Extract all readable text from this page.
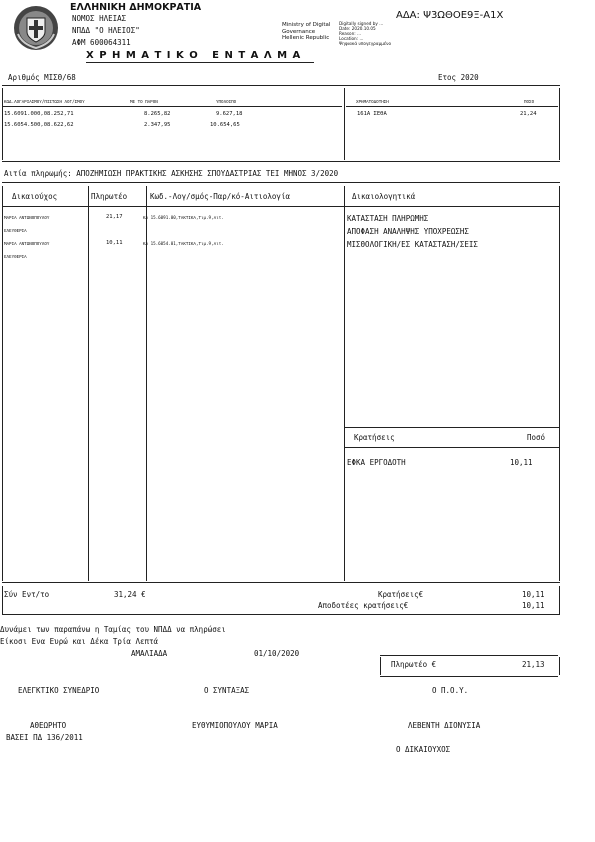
ΕΛΛΗΝΙΚΗ ΔΗΜΟΚΡΑΤΙΑ
ΝΟΜΟΣ ΗΛΕΙΑΣ
ΝΠΔΔ "Ο ΗΛΕΙΟΣ"
ΑΦΜ 600064311
Χ Ρ Η Μ Α Τ Ι Κ Ο   Ε Ν Τ Α Λ Μ Α
Ministry of Digital
Governance
Hellenic Republic
Digitally signed by ...
Date: 2020.10.05
Reason: ...
Location: ...
Ψηφιακά υπογεγραμμένο
ΑΔΑ: Ψ3ΩΘΟΕ9Ξ-Α1Χ
Αριθμός ΜΙΣΘ/68	Ετος 2020
ΚΩΔ.ΛΟΓΑΡΙΑΣΜΟΥ/ΠΙΣΤΩΣΗ ΛΟΓ/ΣΜΟΥ	ΜΕ ΤΟ ΠΑΡΟΝ	ΥΠΟΛΟΙΠΟ	ΧΡΗΜΑΤΟΔΟΤΗΣΗ	ΠΟΣΟ
15.6091.000,08.252,71	8.265,82	9.627,18
15.6054.500,08.622,62	2.347,95	10.654,65
161Α ΣΕΘΑ	21,24
Αιτία πληρωμής: ΑΠΟΖΗΜΙΩΣΗ ΠΡΑΚΤΙΚΗΣ ΑΣΚΗΣΗΣ ΣΠΟΥΔΑΣΤΡΙΑΣ ΤΕΙ ΜΗΝΟΣ 3/2020
Δικαιούχος	Πληρωτέο	Κωδ.-Λογ/σμός-Παρ/κό-Αιτιολογία	Δικαιολογητικά
ΜΑΡΙΑ ΑΝΤΩΝΟΠΟΥΛΟΥ	21,17	ΚΑ 15.6091.00,ΤΑΚΤΙΚΑ,Τιμ.9,Αιτ.
ΕΛΕΥΘΕΡΙΑ
ΜΑΡΙΑ ΑΝΤΩΝΟΠΟΥΛΟΥ	10,11	ΚΑ 15.6054.01,ΤΑΚΤΙΚΑ,Τιμ.9,Αιτ.
ΕΛΕΥΘΕΡΙΑ
ΚΑΤΑΣΤΑΣΗ ΠΛΗΡΩΜΗΣ
ΑΠΟΦΑΣΗ ΑΝΑΛΗΨΗΣ ΥΠΟΧΡΕΩΣΗΣ
ΜΙΣΘΟΛΟΓΙΚΗ/ΕΣ ΚΑΤΑΣΤΑΣΗ/ΣΕΙΣ
Κρατήσεις	Ποσό
ΕΦΚΑ ΕΡΓΟΔΟΤΗ	10,11
Σύν Εντ/το	31,24 €	Κρατήσεις€	10,11
Αποδοτέες κρατήσεις€	10,11
Δυνάμει των παραπάνω η Ταμίας του ΝΠΔΔ να πληρώσει
Είκοσι Ενα Ευρώ και Δέκα Τρία Λεπτά
ΑΜΑΛΙΑΔΑ	01/10/2020
Πληρωτέο €	21,13
ΕΛΕΓΚΤΙΚΟ ΣΥΝΕΔΡΙΟ	Ο ΣΥΝΤΑΞΑΣ	Ο Π.Ο.Υ.
ΑΘΕΩΡΗΤΟ	ΕΥΘΥΜΙΟΠΟΥΛΟΥ ΜΑΡΙΑ	ΛΕΒΕΝΤΗ ΔΙΟΝΥΣΙΑ
ΒΑΣΕΙ ΠΔ 136/2011
Ο ΔΙΚΑΙΟΥΧΟΣ
